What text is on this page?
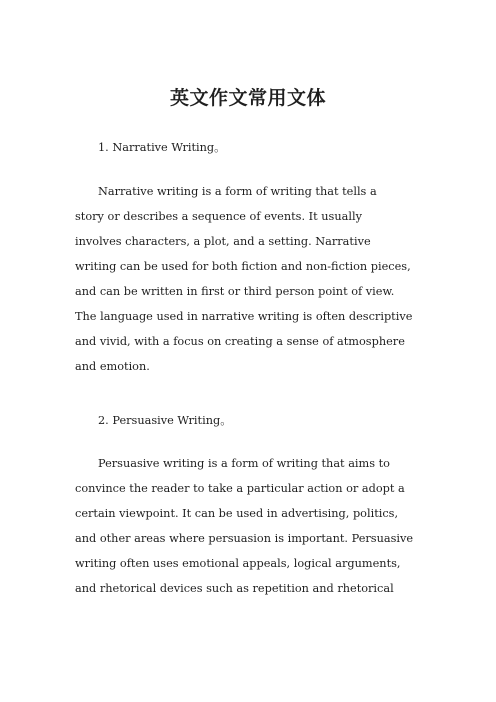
英文作文常用文体
1. Narrative Writing。
Narrative writing is a form of writing that tells a
story or describes a sequence of events. It usually
involves characters, a plot, and a setting. Narrative
writing can be used for both fiction and non-fiction pieces,
and can be written in first or third person point of view.
The language used in narrative writing is often descriptive
and vivid, with a focus on creating a sense of atmosphere
and emotion.
2. Persuasive Writing。
Persuasive writing is a form of writing that aims to
convince the reader to take a particular action or adopt a
certain viewpoint. It can be used in advertising, politics,
and other areas where persuasion is important. Persuasive
writing often uses emotional appeals, logical arguments,
and rhetorical devices such as repetition and rhetorical
